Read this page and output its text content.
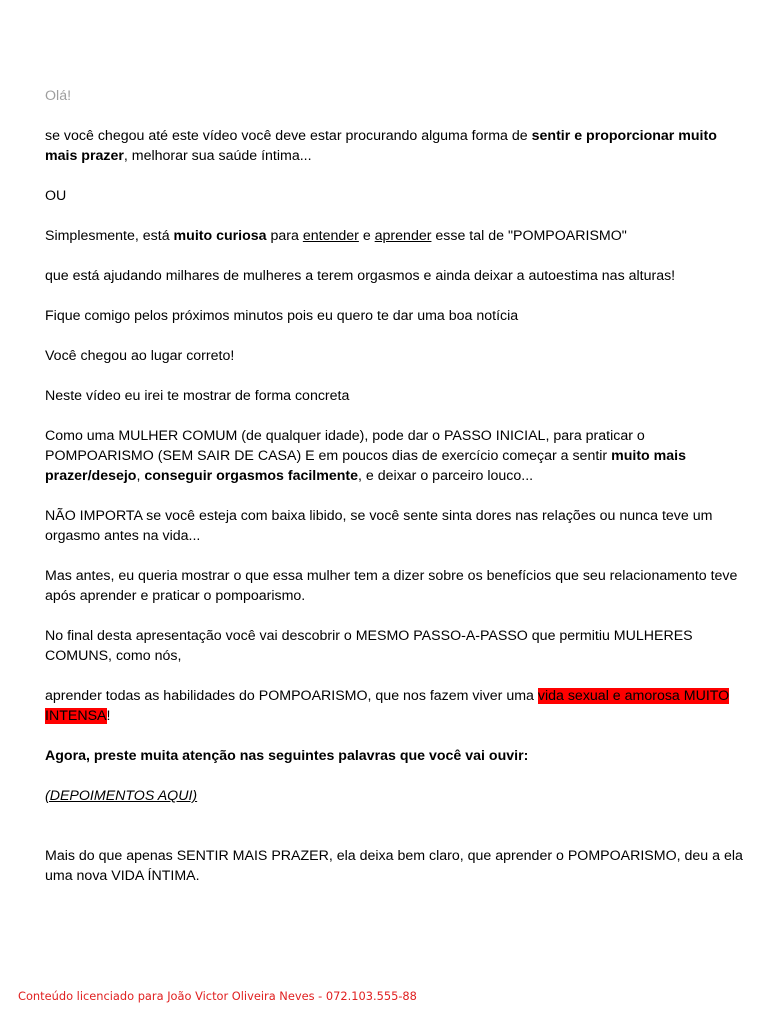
Olá!

se você chegou até este vídeo você deve estar procurando alguma forma de sentir e proporcionar muito mais prazer, melhorar sua saúde íntima...

OU

Simplesmente, está muito curiosa para entender e aprender esse tal de "POMPOARISMO"

que está ajudando milhares de mulheres a terem orgasmos e ainda deixar a autoestima nas alturas!

Fique comigo pelos próximos minutos pois eu quero te dar uma boa notícia

Você chegou ao lugar correto!

Neste vídeo eu irei te mostrar de forma concreta

Como uma MULHER COMUM (de qualquer idade), pode dar o PASSO INICIAL, para praticar o POMPOARISMO (SEM SAIR DE CASA) E em poucos dias de exercício começar a sentir muito mais prazer/desejo, conseguir orgasmos facilmente, e deixar o parceiro louco...

NÃO IMPORTA se você esteja com baixa libido, se você sente sinta dores nas relações ou nunca teve um orgasmo antes na vida...

Mas antes, eu queria mostrar o que essa mulher tem a dizer sobre os benefícios que seu relacionamento teve após aprender e praticar o pompoarismo.

No final desta apresentação você vai descobrir o MESMO PASSO-A-PASSO que permitiu MULHERES COMUNS, como nós,

aprender todas as habilidades do POMPOARISMO, que nos fazem viver uma vida sexual e amorosa MUITO INTENSA!

Agora, preste muita atenção nas seguintes palavras que você vai ouvir:

(DEPOIMENTOS AQUI)

Mais do que apenas SENTIR MAIS PRAZER, ela deixa bem claro, que aprender o POMPOARISMO, deu a ela uma nova VIDA ÍNTIMA.

Conteúdo licenciado para João Victor Oliveira Neves - 072.103.555-88
